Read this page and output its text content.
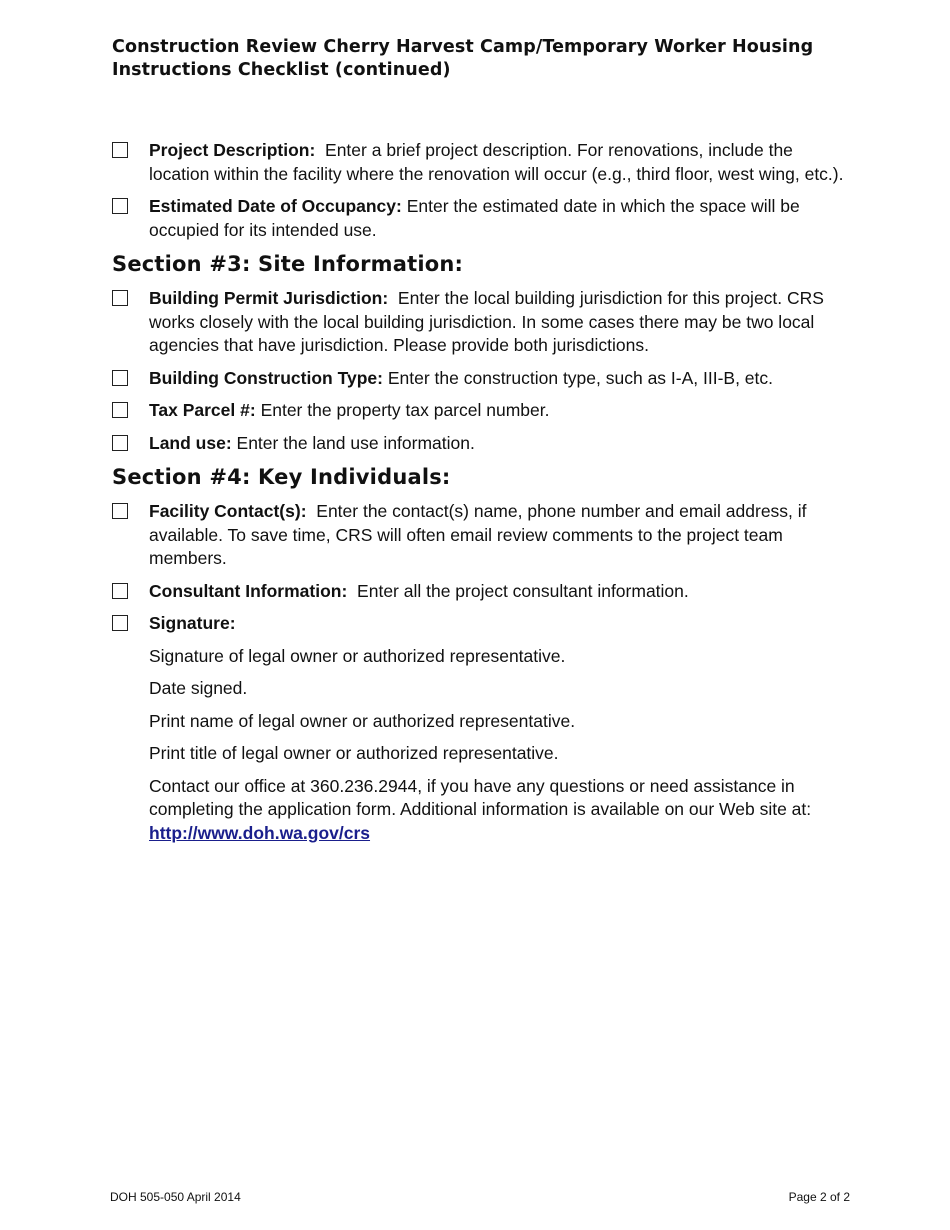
Construction Review Cherry Harvest Camp/Temporary Worker Housing
Instructions Checklist (continued)
Project Description: Enter a brief project description. For renovations, include the location within the facility where the renovation will occur (e.g., third floor, west wing, etc.).
Estimated Date of Occupancy: Enter the estimated date in which the space will be occupied for its intended use.
Section #3: Site Information:
Building Permit Jurisdiction: Enter the local building jurisdiction for this project. CRS works closely with the local building jurisdiction. In some cases there may be two local agencies that have jurisdiction. Please provide both jurisdictions.
Building Construction Type: Enter the construction type, such as I-A, III-B, etc.
Tax Parcel #: Enter the property tax parcel number.
Land use: Enter the land use information.
Section #4: Key Individuals:
Facility Contact(s): Enter the contact(s) name, phone number and email address, if available. To save time, CRS will often email review comments to the project team members.
Consultant Information: Enter all the project consultant information.
Signature:
Signature of legal owner or authorized representative.
Date signed.
Print name of legal owner or authorized representative.
Print title of legal owner or authorized representative.
Contact our office at 360.236.2944, if you have any questions or need assistance in completing the application form. Additional information is available on our Web site at: http://www.doh.wa.gov/crs
DOH 505-050 April 2014	Page 2 of 2
